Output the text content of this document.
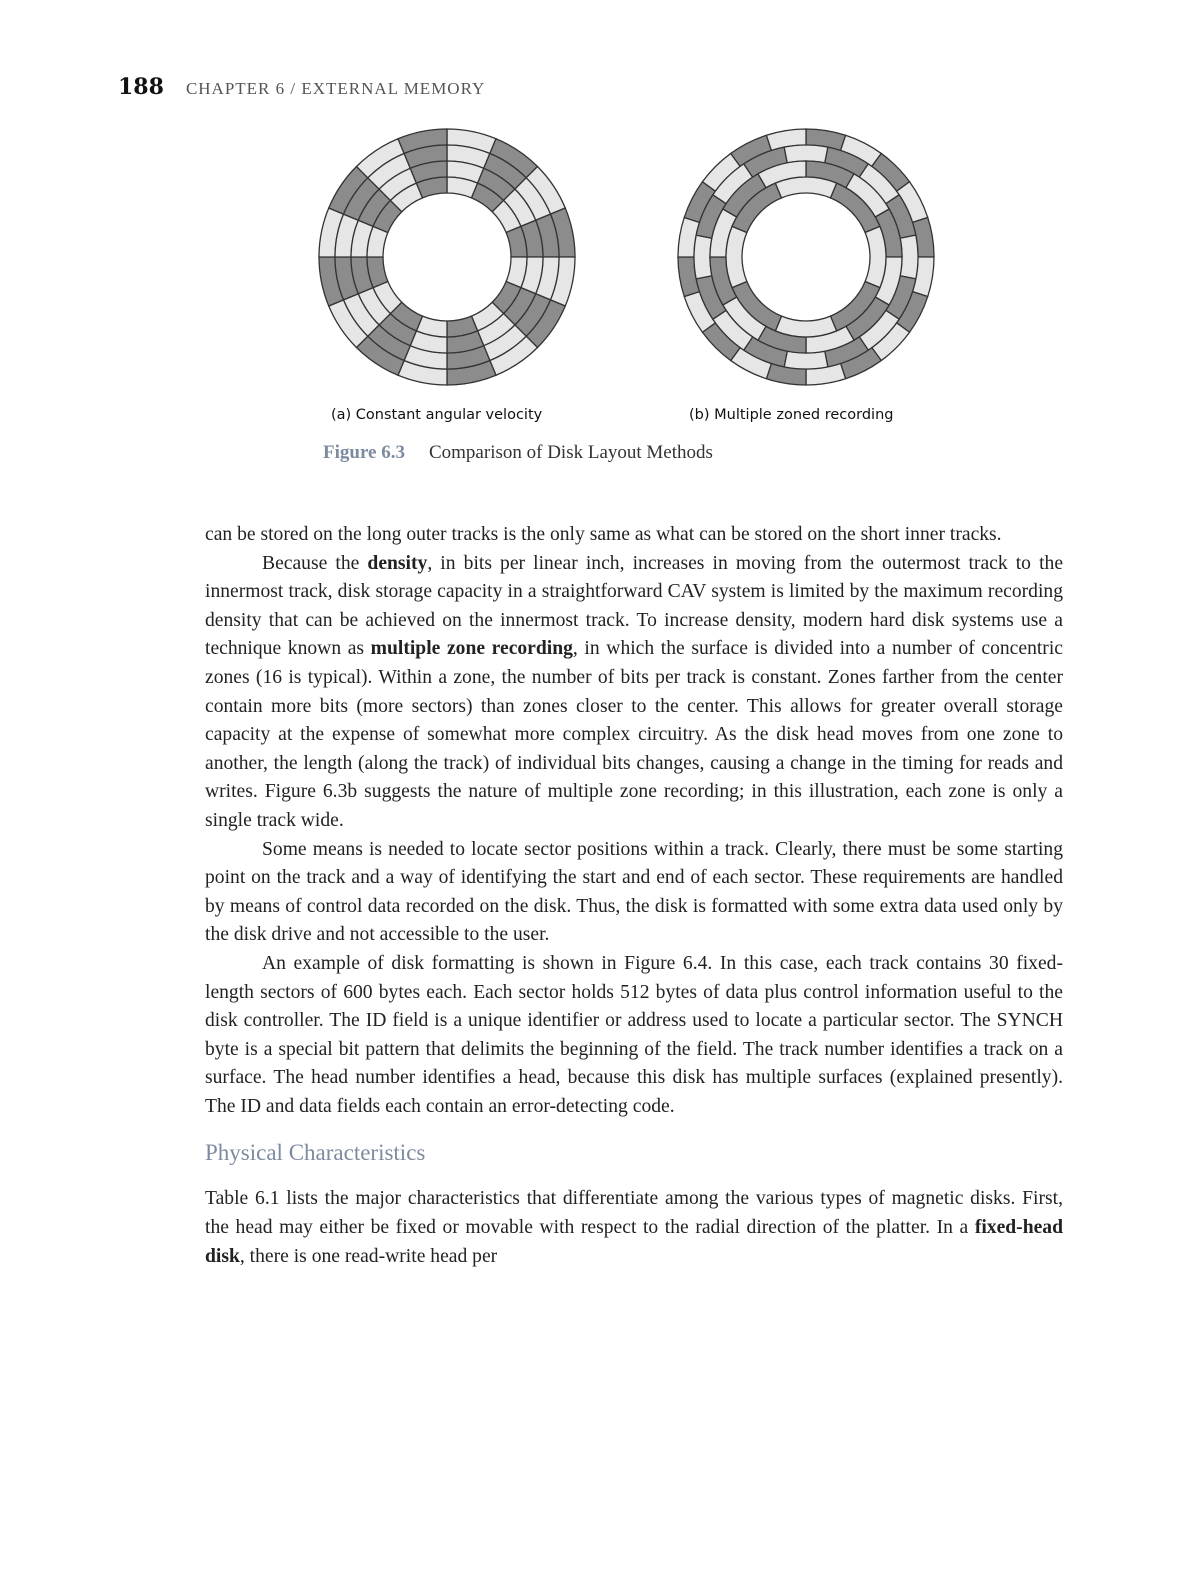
188 CHAPTER 6 / EXTERNAL MEMORY
(a) Constant angular velocity	(b) Multiple zoned recording
Figure 6.3 Comparison of Disk Layout Methods

can be stored on the long outer tracks is the only same as what can be stored on the short inner tracks.

Because the density, in bits per linear inch, increases in moving from the outermost track to the innermost track, disk storage capacity in a straightforward CAV system is limited by the maximum recording density that can be achieved on the innermost track. To increase density, modern hard disk systems use a technique known as multiple zone recording, in which the surface is divided into a number of concentric zones (16 is typical). Within a zone, the number of bits per track is constant. Zones farther from the center contain more bits (more sectors) than zones closer to the center. This allows for greater overall storage capacity at the expense of somewhat more complex circuitry. As the disk head moves from one zone to another, the length (along the track) of individual bits changes, causing a change in the timing for reads and writes. Figure 6.3b suggests the nature of multiple zone recording; in this illustration, each zone is only a single track wide.

Some means is needed to locate sector positions within a track. Clearly, there must be some starting point on the track and a way of identifying the start and end of each sector. These requirements are handled by means of control data recorded on the disk. Thus, the disk is formatted with some extra data used only by the disk drive and not accessible to the user.

An example of disk formatting is shown in Figure 6.4. In this case, each track contains 30 fixed-length sectors of 600 bytes each. Each sector holds 512 bytes of data plus control information useful to the disk controller. The ID field is a unique identifier or address used to locate a particular sector. The SYNCH byte is a special bit pattern that delimits the beginning of the field. The track number identifies a track on a surface. The head number identifies a head, because this disk has multiple surfaces (explained presently). The ID and data fields each contain an error-detecting code.

Physical Characteristics

Table 6.1 lists the major characteristics that differentiate among the various types of magnetic disks. First, the head may either be fixed or movable with respect to the radial direction of the platter. In a fixed-head disk, there is one read-write head per
